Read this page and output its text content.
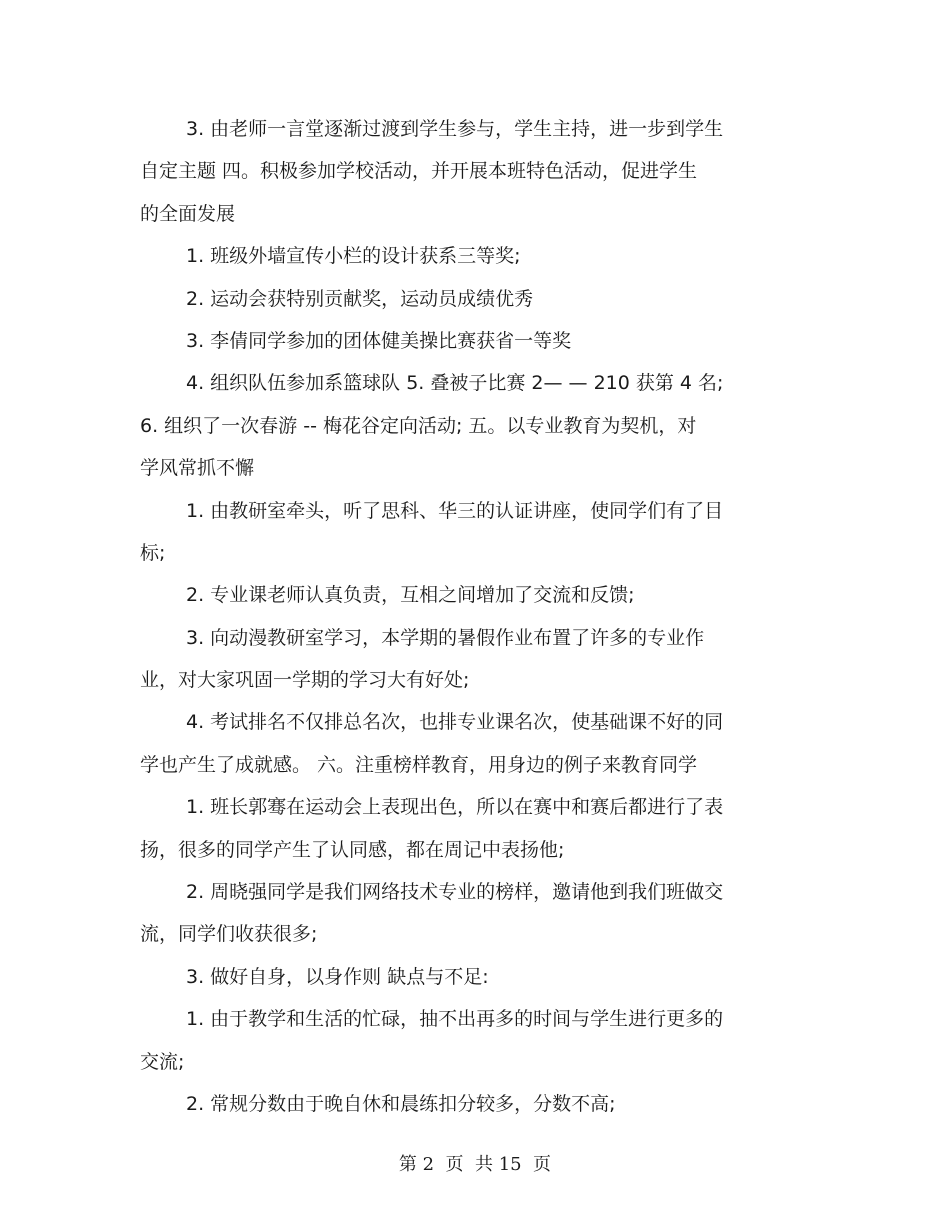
3. 由老师一言堂逐渐过渡到学生参与，学生主持，进一步到学生
自定主题 四。积极参加学校活动，并开展本班特色活动，促进学生
的全面发展
1. 班级外墙宣传小栏的设计获系三等奖;
2. 运动会获特别贡献奖，运动员成绩优秀
3. 李倩同学参加的团体健美操比赛获省一等奖
4. 组织队伍参加系篮球队 5. 叠被子比赛 2— — 210 获第 4 名;
6. 组织了一次春游 -- 梅花谷定向活动; 五。以专业教育为契机，对
学风常抓不懈
1. 由教研室牵头，听了思科、华三的认证讲座，使同学们有了目
标;
2. 专业课老师认真负责，互相之间增加了交流和反馈;
3. 向动漫教研室学习，本学期的暑假作业布置了许多的专业作
业，对大家巩固一学期的学习大有好处;
4. 考试排名不仅排总名次，也排专业课名次，使基础课不好的同
学也产生了成就感。 六。注重榜样教育，用身边的例子来教育同学
1. 班长郭骞在运动会上表现出色，所以在赛中和赛后都进行了表
扬，很多的同学产生了认同感，都在周记中表扬他;
2. 周晓强同学是我们网络技术专业的榜样，邀请他到我们班做交
流，同学们收获很多;
3. 做好自身，以身作则 缺点与不足:
1. 由于教学和生活的忙碌，抽不出再多的时间与学生进行更多的
交流;
2. 常规分数由于晚自休和晨练扣分较多，分数不高;
第 2  页  共 15  页
